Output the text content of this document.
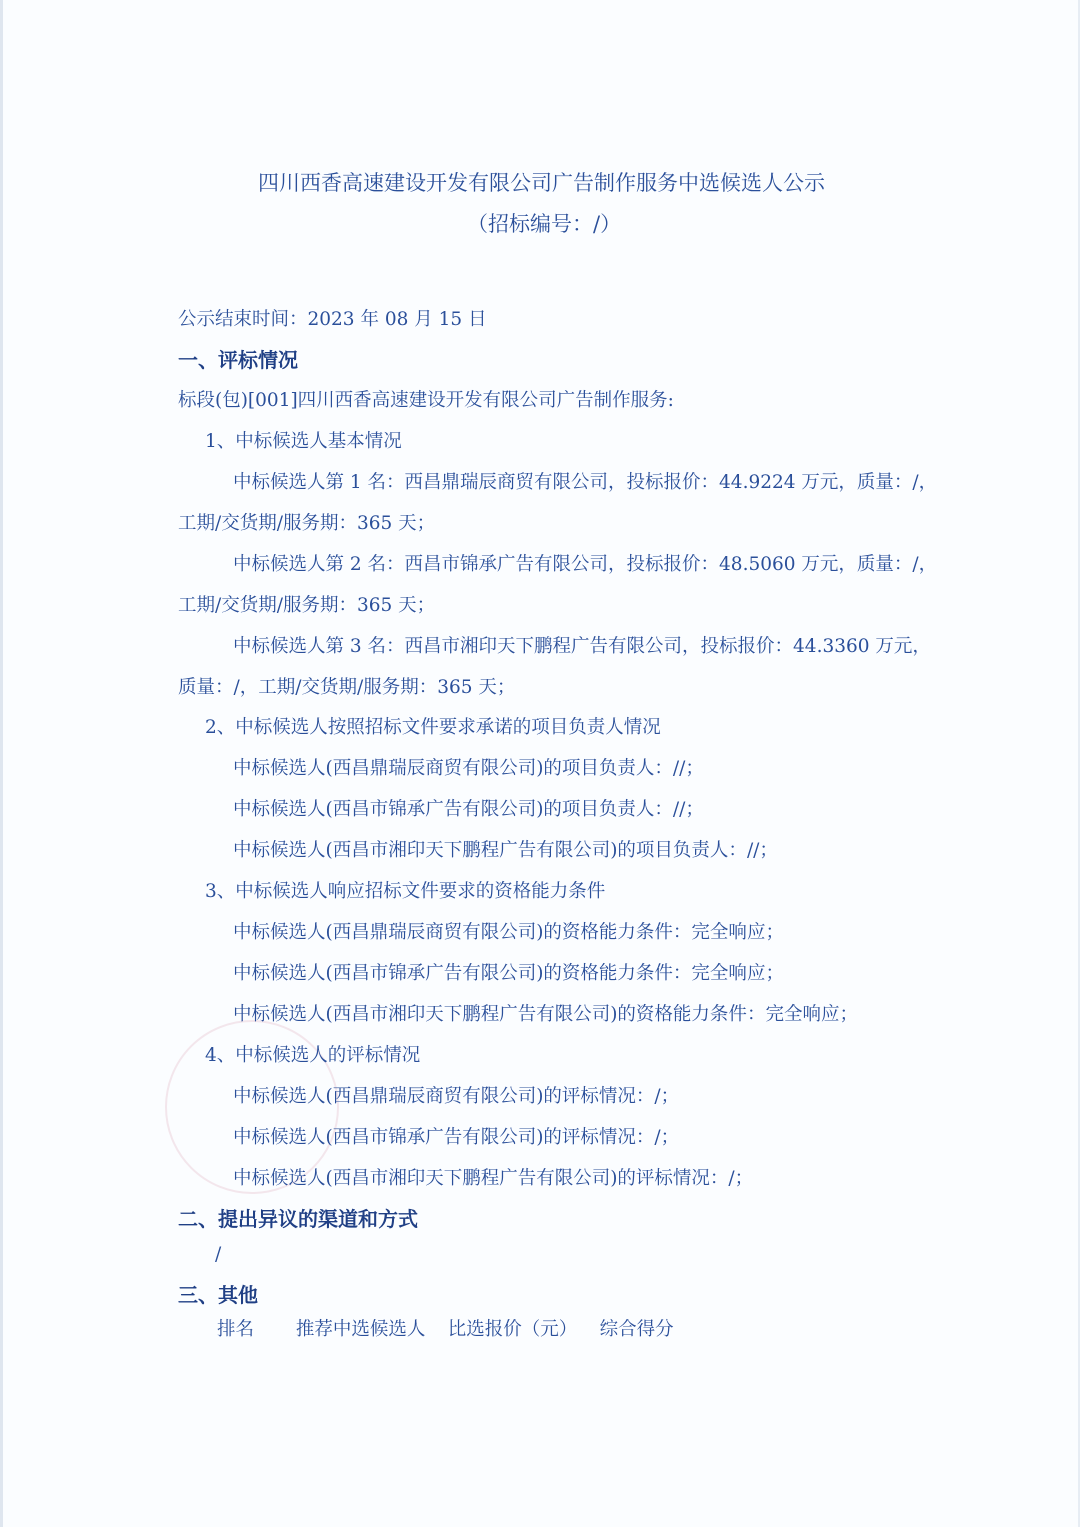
四川西香高速建设开发有限公司广告制作服务中选候选人公示
（招标编号：/）
公示结束时间：2023 年 08 月 15 日
一、评标情况
标段(包)[001]四川西香高速建设开发有限公司广告制作服务:
1、中标候选人基本情况
中标候选人第 1 名：西昌鼎瑞辰商贸有限公司，投标报价：44.9224 万元，质量：/，
工期/交货期/服务期：365 天；
中标候选人第 2 名：西昌市锦承广告有限公司，投标报价：48.5060 万元，质量：/，
工期/交货期/服务期：365 天；
中标候选人第 3 名：西昌市湘印天下鹏程广告有限公司，投标报价：44.3360 万元，
质量：/，工期/交货期/服务期：365 天；
2、中标候选人按照招标文件要求承诺的项目负责人情况
中标候选人(西昌鼎瑞辰商贸有限公司)的项目负责人：//；
中标候选人(西昌市锦承广告有限公司)的项目负责人：//；
中标候选人(西昌市湘印天下鹏程广告有限公司)的项目负责人：//；
3、中标候选人响应招标文件要求的资格能力条件
中标候选人(西昌鼎瑞辰商贸有限公司)的资格能力条件：完全响应；
中标候选人(西昌市锦承广告有限公司)的资格能力条件：完全响应；
中标候选人(西昌市湘印天下鹏程广告有限公司)的资格能力条件：完全响应；
4、中标候选人的评标情况
中标候选人(西昌鼎瑞辰商贸有限公司)的评标情况：/；
中标候选人(西昌市锦承广告有限公司)的评标情况：/；
中标候选人(西昌市湘印天下鹏程广告有限公司)的评标情况：/；
二、提出异议的渠道和方式
/
三、其他
排名 推荐中选候选人 比选报价（元） 综合得分
